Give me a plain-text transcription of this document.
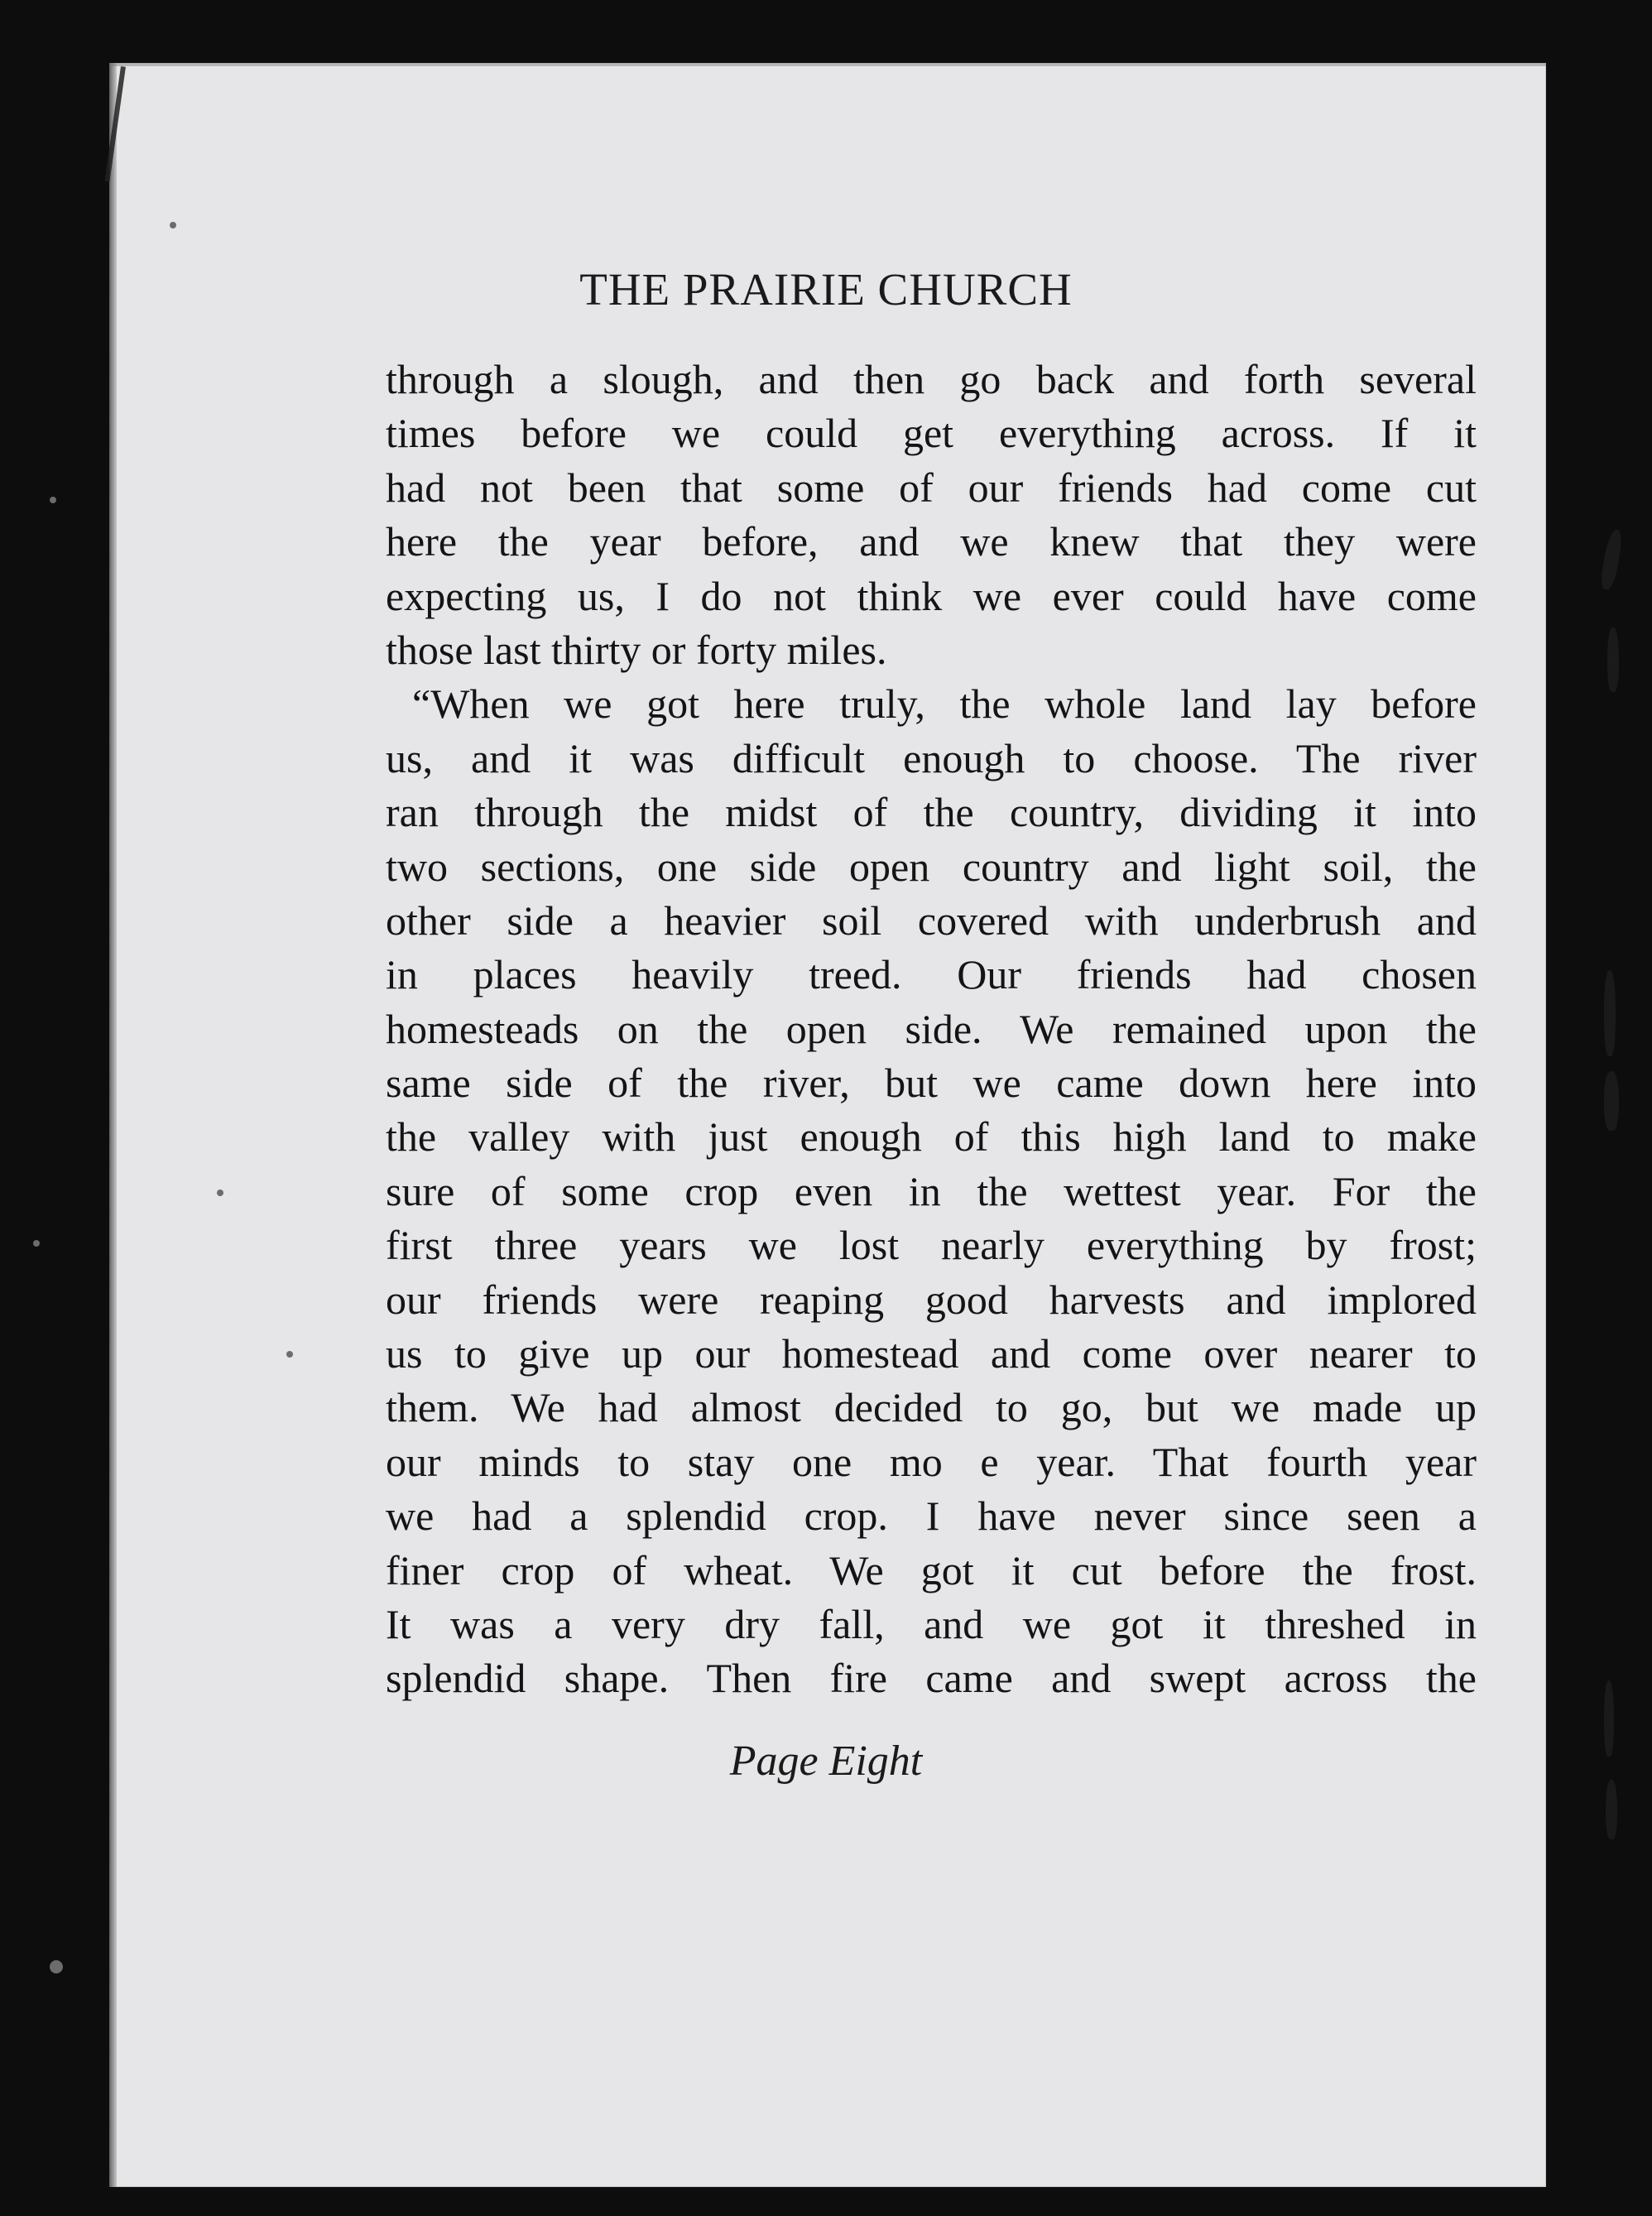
THE PRAIRIE CHURCH
through a slough, and then go back and forth several
times before we could get everything across. If it
had not been that some of our friends had come cut
here the year before, and we knew that they were
expecting us, I do not think we ever could have come
those last thirty or forty miles.
“When we got here truly, the whole land lay before
us, and it was difficult enough to choose. The river
ran through the midst of the country, dividing it into
two sections, one side open country and light soil, the
other side a heavier soil covered with underbrush and
in places heavily treed. Our friends had chosen
homesteads on the open side. We remained upon the
same side of the river, but we came down here into
the valley with just enough of this high land to make
sure of some crop even in the wettest year. For the
first three years we lost nearly everything by frost;
our friends were reaping good harvests and implored
us to give up our homestead and come over nearer to
them. We had almost decided to go, but we made up
our minds to stay one mo e year. That fourth year
we had a splendid crop. I have never since seen a
finer crop of wheat. We got it cut before the frost.
It was a very dry fall, and we got it threshed in
splendid shape. Then fire came and swept across the
Page Eight
